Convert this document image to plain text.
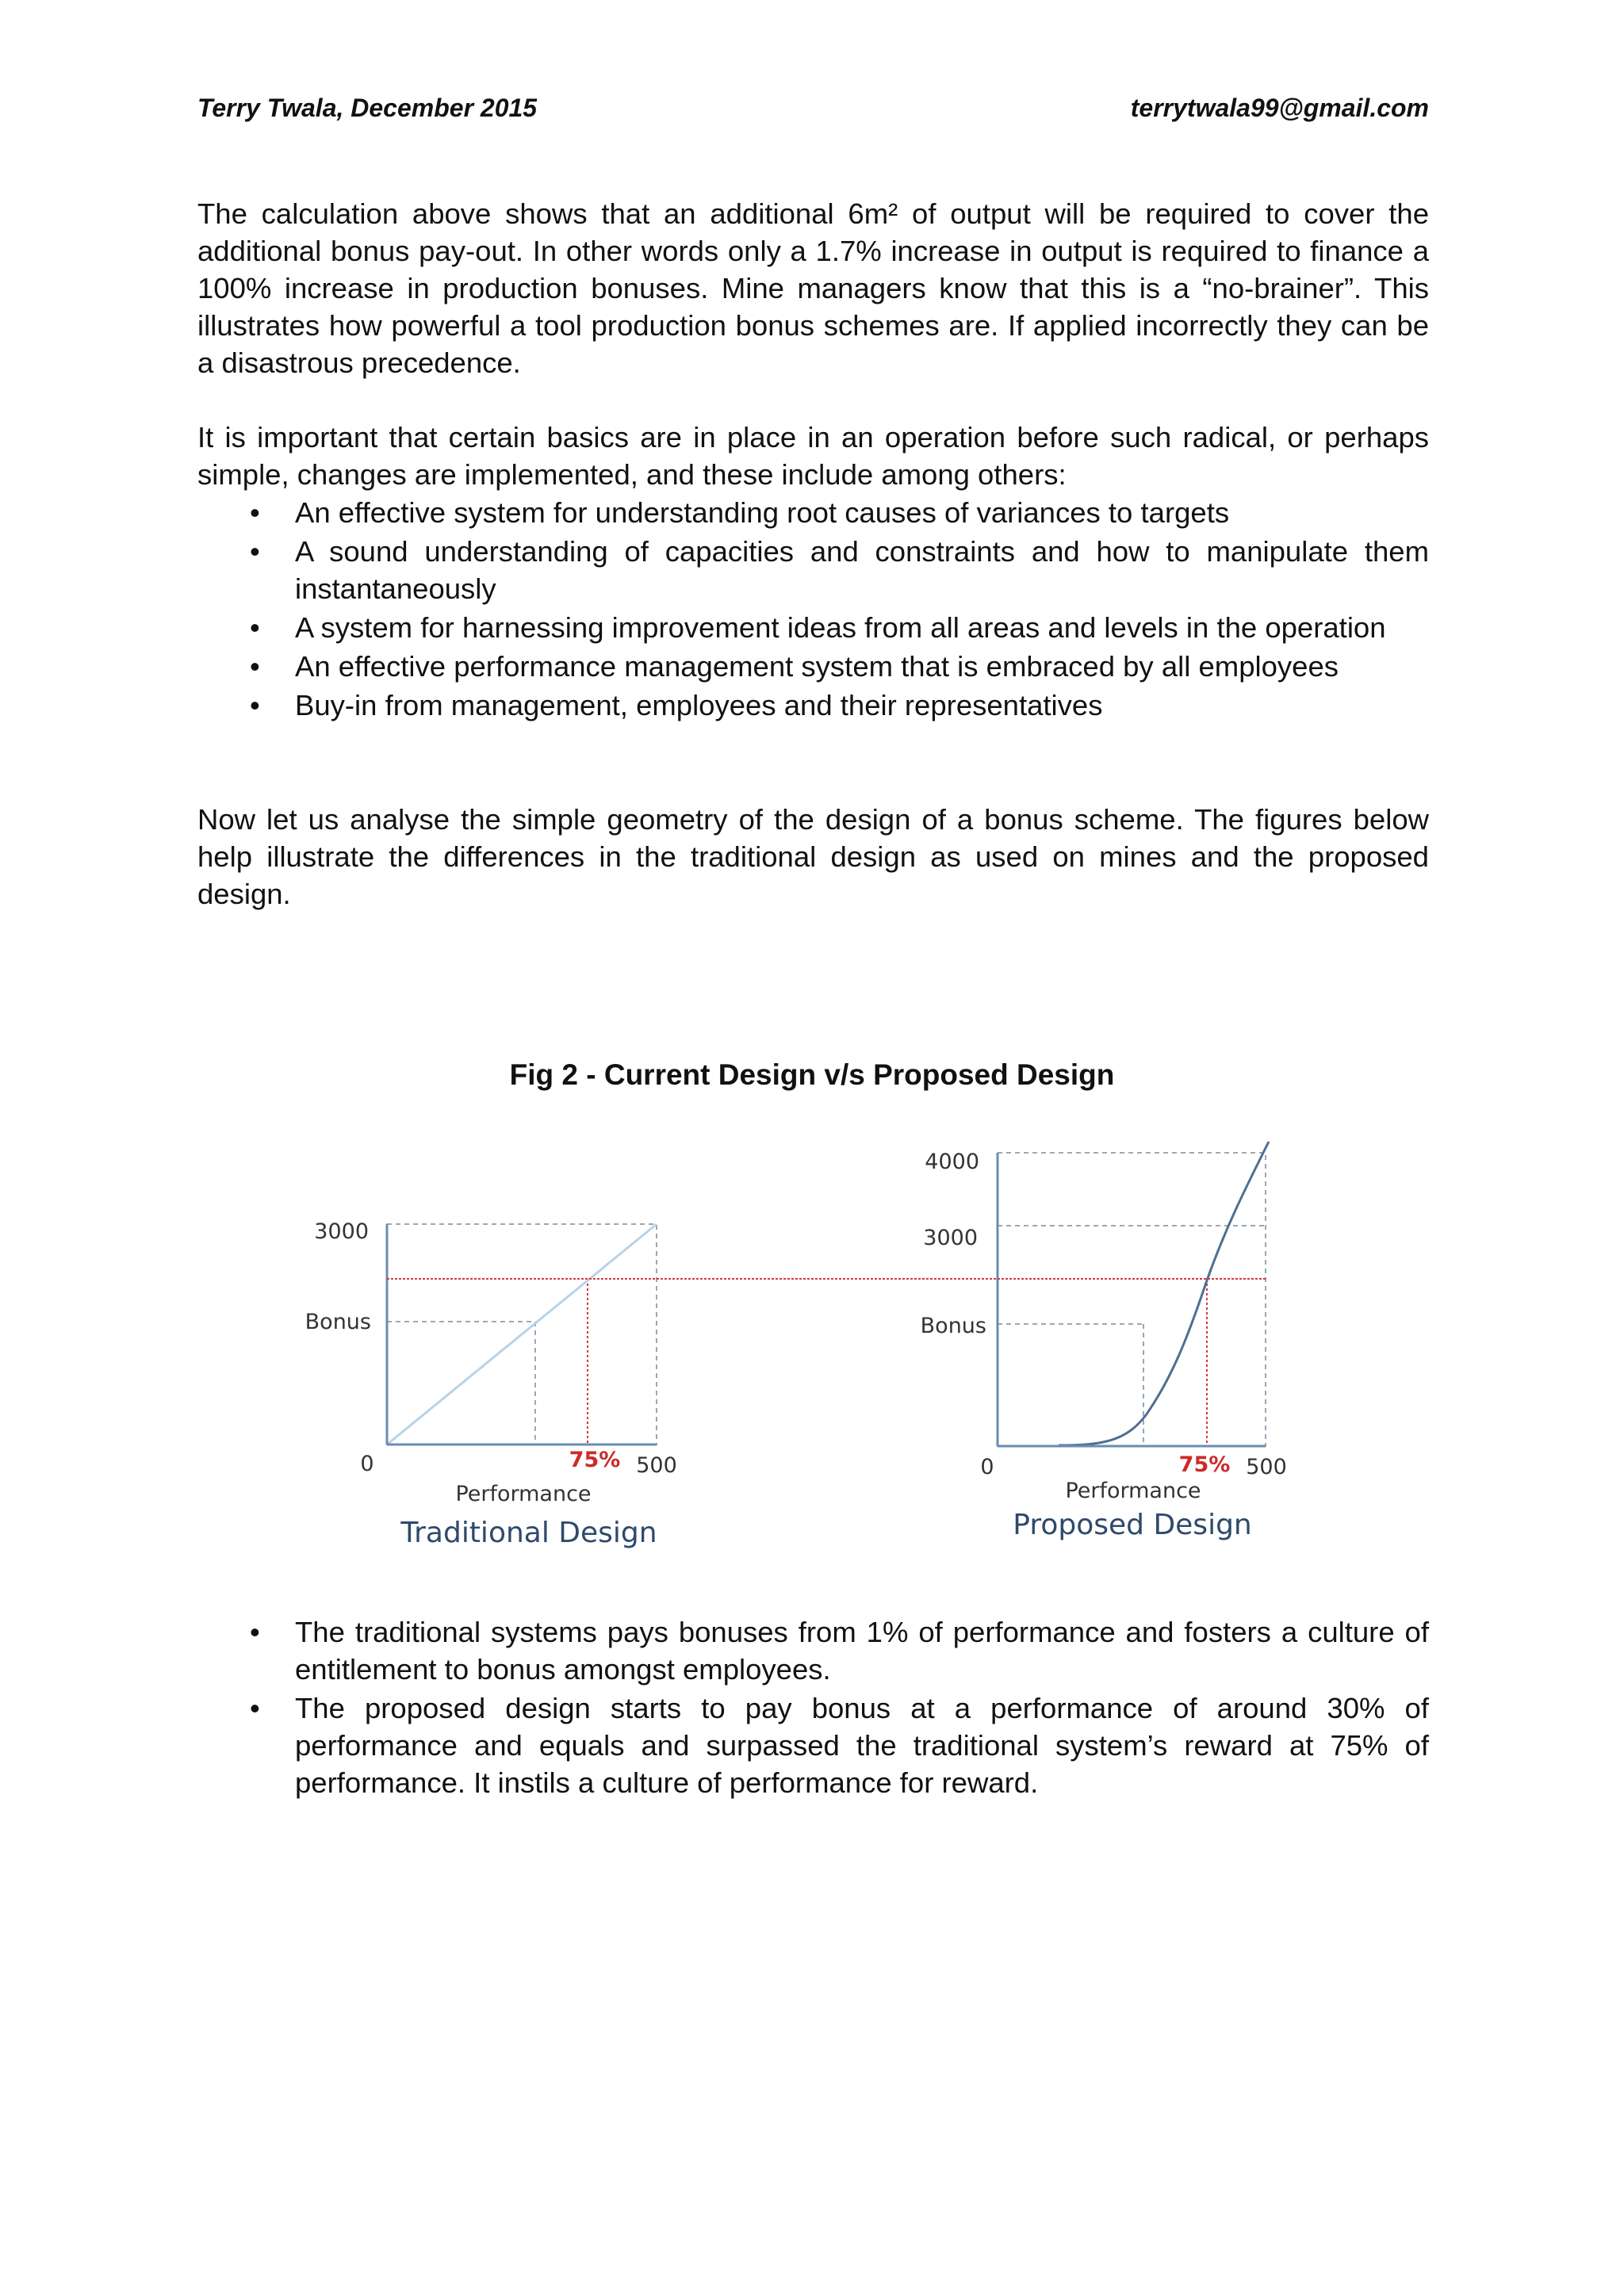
Terry Twala, December 2015	terrytwala99@gmail.com

The calculation above shows that an additional 6m² of output will be required to cover the additional bonus pay-out. In other words only a 1.7% increase in output is required to finance a 100% increase in production bonuses. Mine managers know that this is a “no-brainer”. This illustrates how powerful a tool production bonus schemes are. If applied incorrectly they can be a disastrous precedence.

It is important that certain basics are in place in an operation before such radical, or perhaps simple, changes are implemented, and these include among others:

• An effective system for understanding root causes of variances to targets
• A sound understanding of capacities and constraints and how to manipulate them instantaneously
• A system for harnessing improvement ideas from all areas and levels in the operation
• An effective performance management system that is embraced by all employees
• Buy-in from management, employees and their representatives

Now let us analyse the simple geometry of the design of a bonus scheme. The figures below help illustrate the differences in the traditional design as used on mines and the proposed design.

Fig 2 - Current Design v/s Proposed Design

3000
Bonus
0	75% 500
Performance
Traditional Design
4000
3000
Bonus
0	75% 500
Performance
Proposed Design
• The traditional systems pays bonuses from 1% of performance and fosters a culture of entitlement to bonus amongst employees.
• The proposed design starts to pay bonus at a performance of around 30% of performance and equals and surpassed the traditional system’s reward at 75% of performance. It instils a culture of performance for reward.
